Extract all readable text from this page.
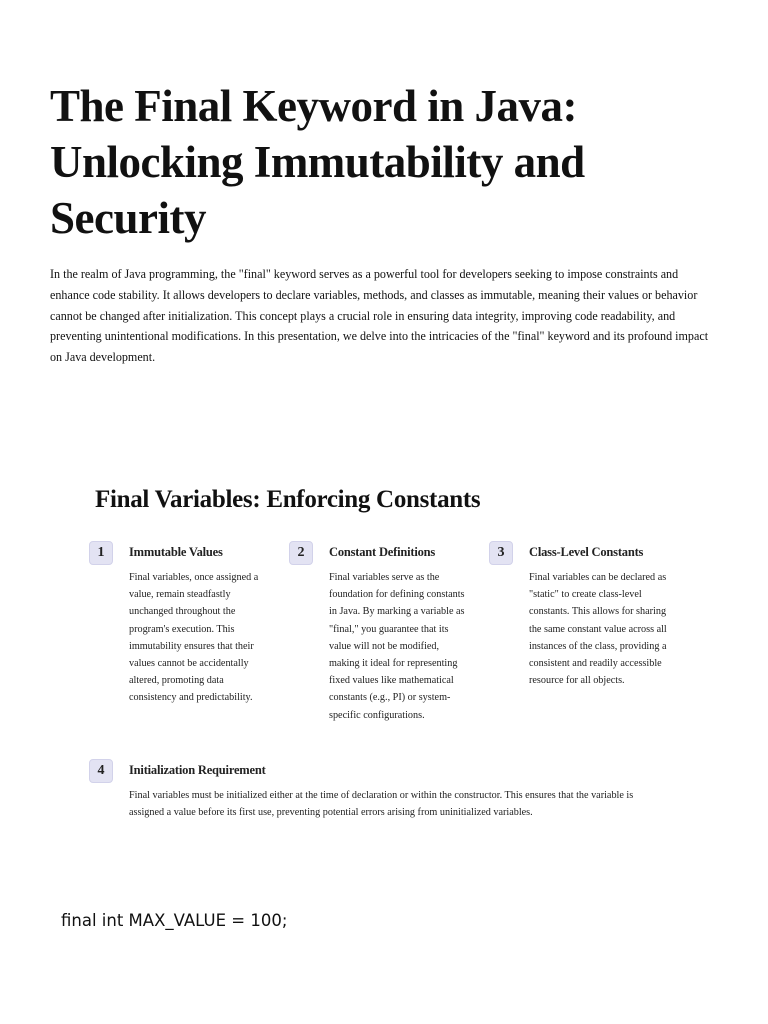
The Final Keyword in Java: Unlocking Immutability and Security

In the realm of Java programming, the "final" keyword serves as a powerful tool for developers seeking to impose constraints and enhance code stability. It allows developers to declare variables, methods, and classes as immutable, meaning their values or behavior cannot be changed after initialization. This concept plays a crucial role in ensuring data integrity, improving code readability, and preventing unintentional modifications. In this presentation, we delve into the intricacies of the "final" keyword and its profound impact on Java development.

Final Variables: Enforcing Constants
1	Immutable Values

Final variables, once assigned a value, remain steadfastly unchanged throughout the program's execution. This immutability ensures that their values cannot be accidentally altered, promoting data consistency and predictability.

2	Constant Definitions

Final variables serve as the foundation for defining constants in Java. By marking a variable as "final," you guarantee that its value will not be modified, making it ideal for representing fixed values like mathematical constants (e.g., PI) or system-specific configurations.

3	Class-Level Constants

Final variables can be declared as "static" to create class-level constants. This allows for sharing the same constant value across all instances of the class, providing a consistent and readily accessible resource for all objects.

4	Initialization Requirement

Final variables must be initialized either at the time of declaration or within the constructor. This ensures that the variable is assigned a value before its first use, preventing potential errors arising from uninitialized variables.

final int MAX_VALUE = 100;
